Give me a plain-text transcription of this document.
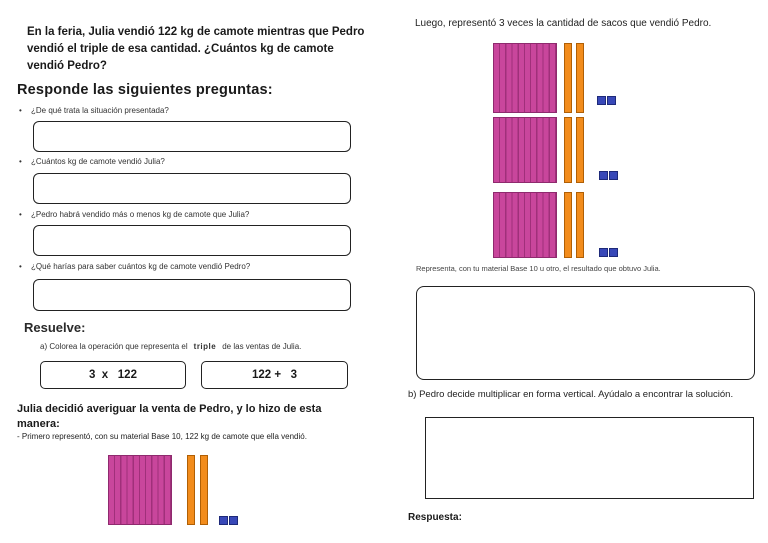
En la feria, Julia vendió 122 kg de camote mientras que Pedro vendió el triple de esa cantidad. ¿Cuántos kg de camote vendió Pedro?
Responde las siguientes preguntas:
• ¿De qué trata la situación presentada?
• ¿Cuántos kg de camote vendió Julia?
• ¿Pedro habrá vendido más o menos kg de camote que Julia?
• ¿Qué harías para saber cuántos kg de camote vendió Pedro?
Resuelve:
a) Colorea la operación que representa el triple de las ventas de Julia.
3  x   122	122 +   3
Julia decidió averiguar la venta de Pedro, y lo hizo de esta manera:
- Primero representó, con su material Base 10, 122 kg de camote que ella vendió.
Luego, representó 3 veces la cantidad de sacos que vendió Pedro.
Representa, con tu material Base 10 u otro, el resultado que obtuvo Julia.
b) Pedro decide multiplicar en forma vertical. Ayúdalo a encontrar la solución.
Respuesta:
